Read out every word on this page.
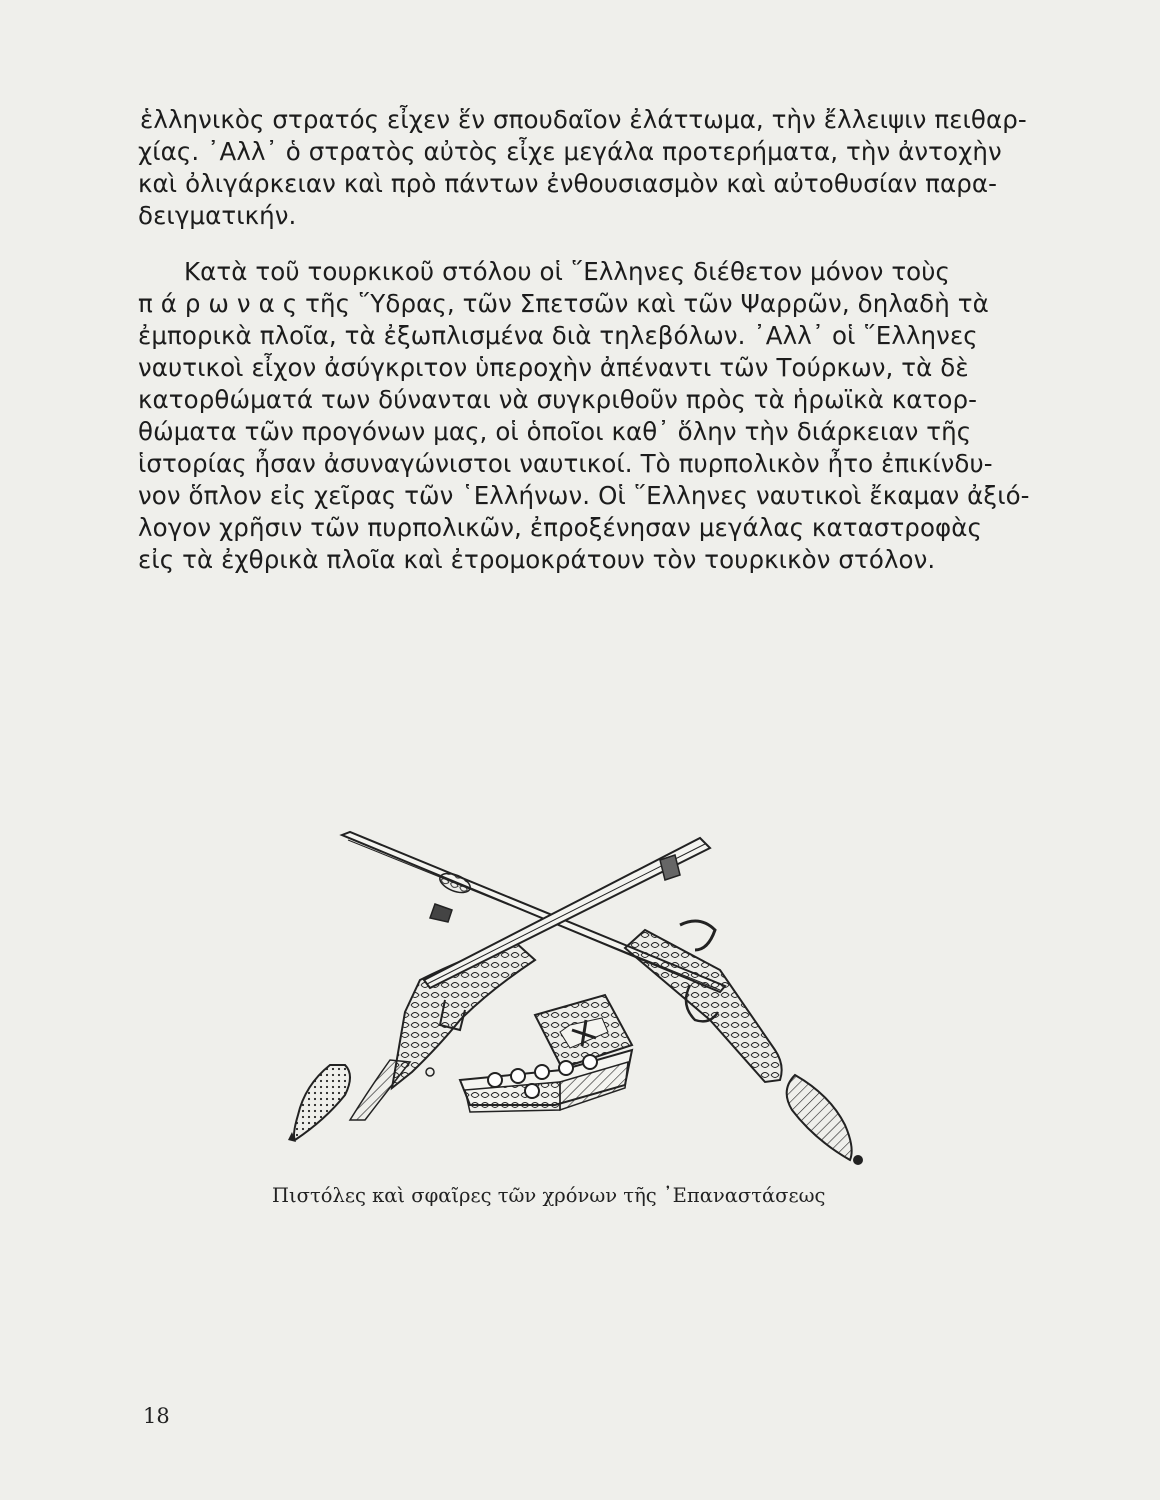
ἑλληνικὸς στρατός εἶχεν ἕν σπουδαῖον ἐλάττωμα, τὴν ἔλλειψιν πειθαρ-
χίας. ᾿Αλλ᾿ ὁ στρατὸς αὐτὸς εἶχε μεγάλα προτερήματα, τὴν ἀντοχὴν
καὶ ὀλιγάρκειαν καὶ πρὸ πάντων ἐνθουσιασμὸν καὶ αὐτοθυσίαν παρα-
δειγματικήν.
Κατὰ τοῦ τουρκικοῦ στόλου οἱ ῞Ελληνες διέθετον μόνον τοὺς
π ά ρ ω ν α ς τῆς ῞Υδρας, τῶν Σπετσῶν καὶ τῶν Ψαρρῶν, δηλαδὴ τὰ
ἐμπορικὰ πλοῖα, τὰ ἐξωπλισμένα διὰ τηλεβόλων. ᾿Αλλ᾿ οἱ ῞Ελληνες
ναυτικοὶ εἶχον ἀσύγκριτον ὑπεροχὴν ἀπέναντι τῶν Τούρκων, τὰ δὲ
κατορθώματά των δύνανται νὰ συγκριθοῦν πρὸς τὰ ἡρωϊκὰ κατορ-
θώματα τῶν προγόνων μας, οἱ ὁποῖοι καθ᾿ ὅλην τὴν διάρκειαν τῆς
ἱστορίας ἦσαν ἀσυναγώνιστοι ναυτικοί. Τὸ πυρπολικὸν ἦτο ἐπικίνδυ-
νον ὅπλον εἰς χεῖρας τῶν ῾Ελλήνων. Οἱ ῞Ελληνες ναυτικοὶ ἔκαμαν ἀξιό-
λογον χρῆσιν τῶν πυρπολικῶν, ἐπροξένησαν μεγάλας καταστροφὰς
εἰς τὰ ἐχθρικὰ πλοῖα καὶ ἐτρομοκράτουν τὸν τουρκικὸν στόλον.
Πιστόλες καὶ σφαῖρες τῶν χρόνων τῆς ᾿Επαναστάσεως
18
